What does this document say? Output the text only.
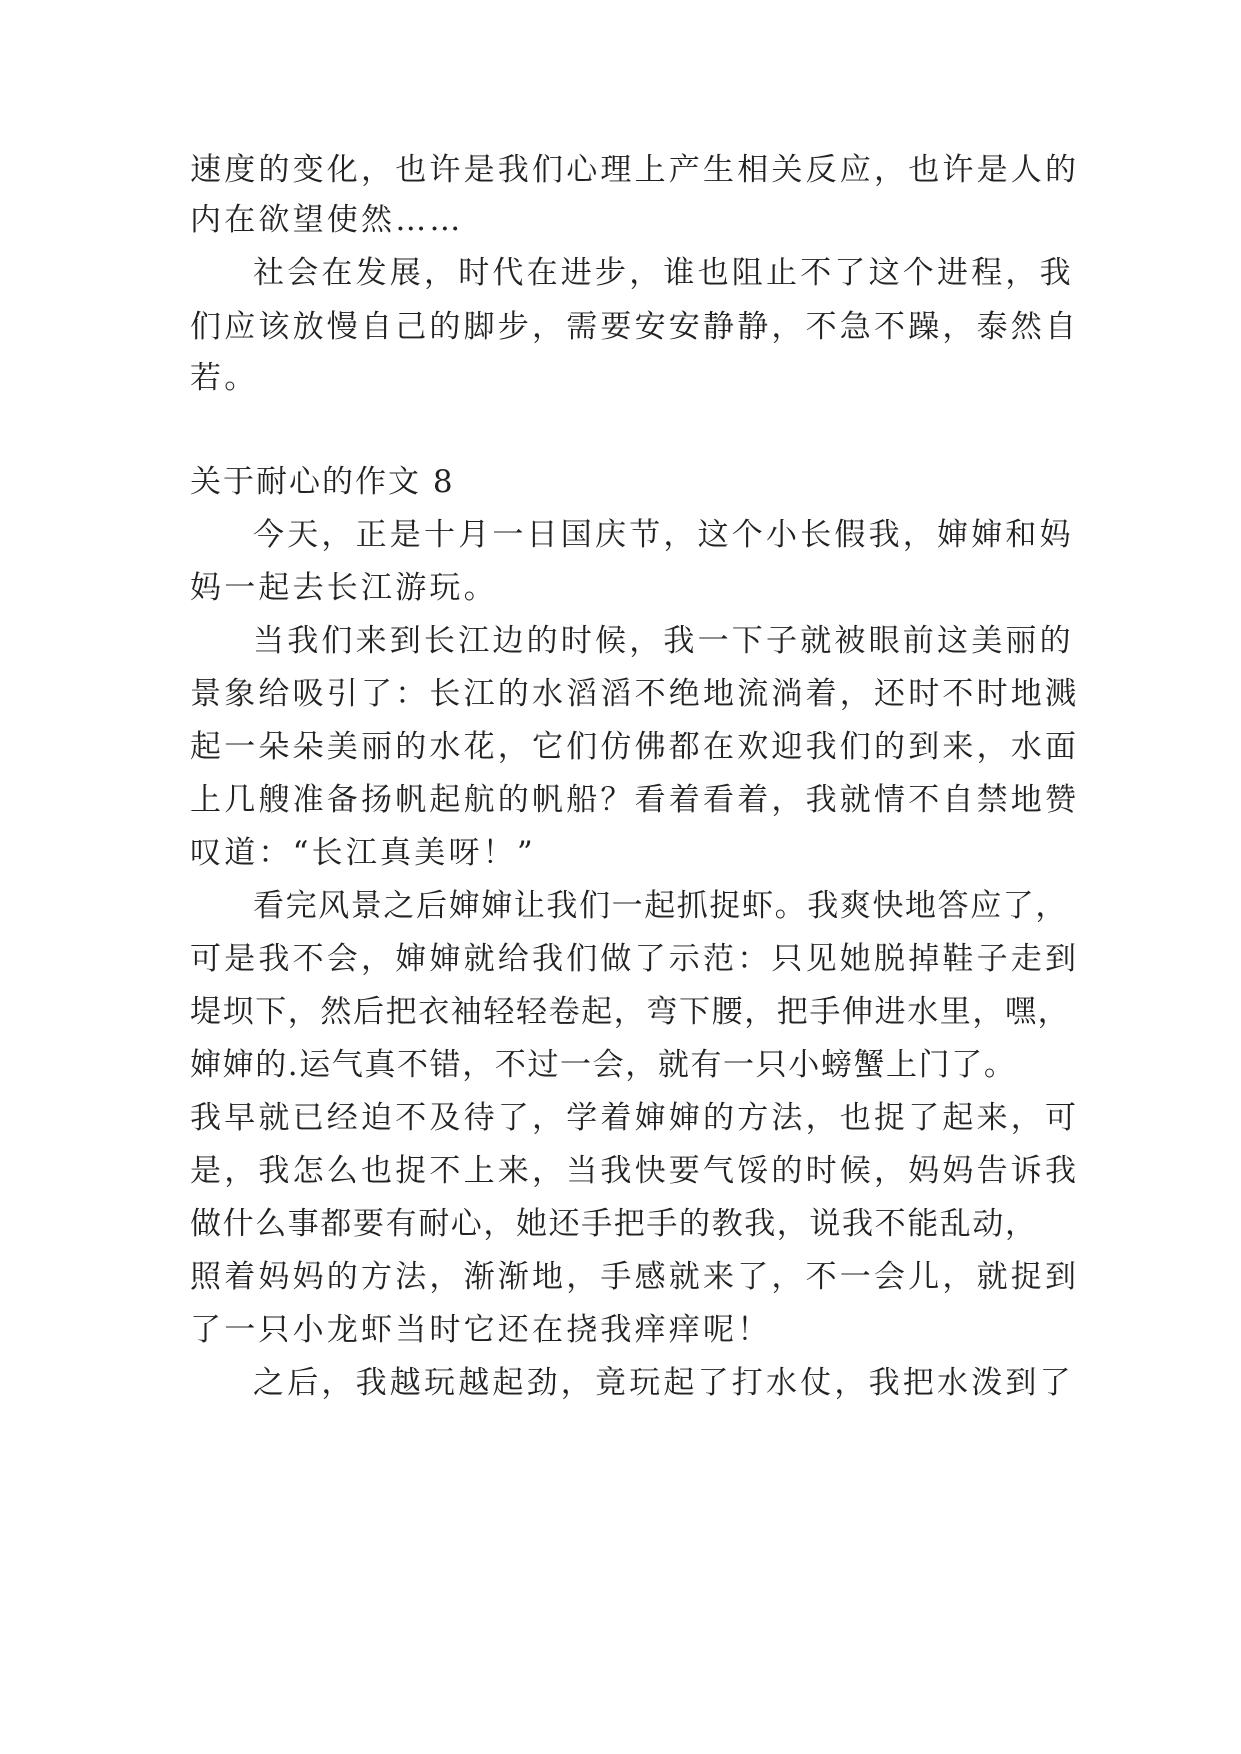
速度的变化，也许是我们心理上产生相关反应，也许是人的
内在欲望使然……
社会在发展，时代在进步，谁也阻止不了这个进程，我
们应该放慢自己的脚步，需要安安静静，不急不躁，泰然自
若。
关于耐心的作文 8
今天，正是十月一日国庆节，这个小长假我，婶婶和妈
妈一起去长江游玩。
当我们来到长江边的时候，我一下子就被眼前这美丽的
景象给吸引了：长江的水滔滔不绝地流淌着，还时不时地溅
起一朵朵美丽的水花，它们仿佛都在欢迎我们的到来，水面
上几艘准备扬帆起航的帆船？看着看着，我就情不自禁地赞
叹道：“长江真美呀！”
看完风景之后婶婶让我们一起抓捉虾。我爽快地答应了，
可是我不会，婶婶就给我们做了示范：只见她脱掉鞋子走到
堤坝下，然后把衣袖轻轻卷起，弯下腰，把手伸进水里，嘿，
婶婶的.运气真不错，不过一会，就有一只小螃蟹上门了。
我早就已经迫不及待了，学着婶婶的方法，也捉了起来，可
是，我怎么也捉不上来，当我快要气馁的时候，妈妈告诉我
做什么事都要有耐心，她还手把手的教我，说我不能乱动，
照着妈妈的方法，渐渐地，手感就来了，不一会儿，就捉到
了一只小龙虾当时它还在挠我痒痒呢！
之后，我越玩越起劲，竟玩起了打水仗，我把水泼到了
